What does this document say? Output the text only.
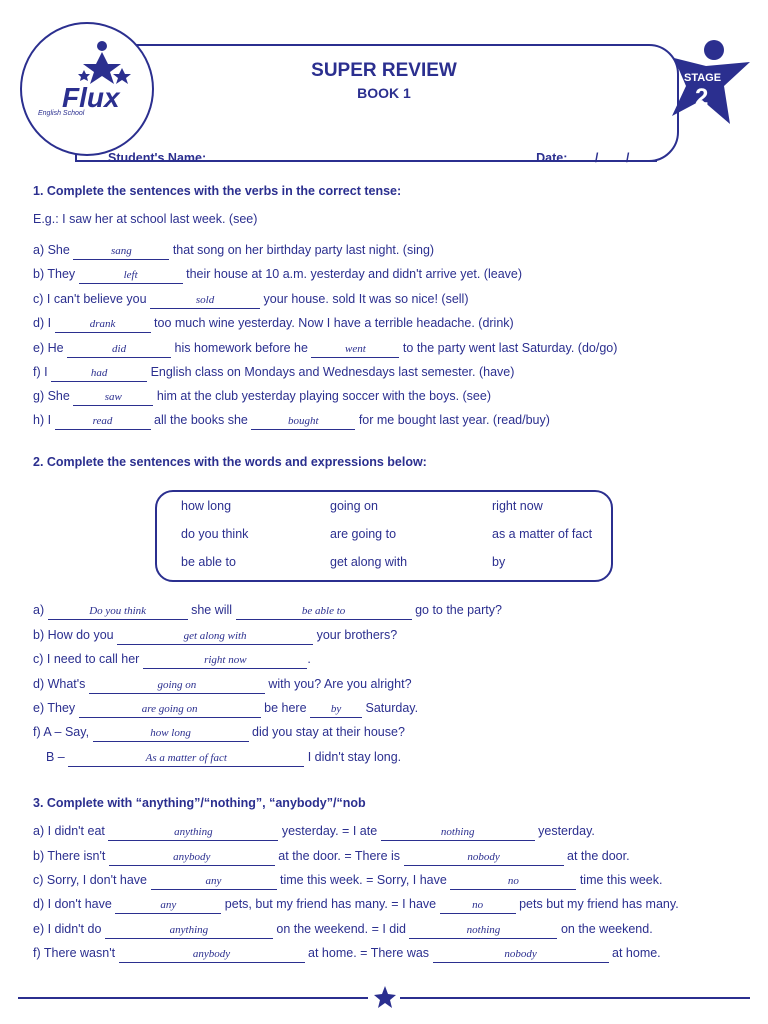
Flux
English School
SUPER REVIEW
BOOK 1
STAGE
2
Student's Name:	Date: / /
1. Complete the sentences with the verbs in the correct tense:
E.g.: I saw her at school last week. (see)
a) She	sang	that song on her birthday party last night. (sing)
b) They	left	their house at 10 a.m. yesterday and didn't arrive yet. (leave)
c) I can't believe you	sold	your house. sold It was so nice! (sell)
d) I	drank	too much wine yesterday. Now I have a terrible headache. (drink)
e) He	did	his homework before he	went	to the party went last Saturday. (do/go)
f) I	had	English class on Mondays and Wednesdays last semester. (have)
g) She	saw	him at the club yesterday playing soccer with the boys. (see)
h) I	read	all the books she	bought	for me bought last year. (read/buy)
2. Complete the sentences with the words and expressions below:
how long	going on	right now
do you think	are going to	as a matter of fact
be able to	get along with	by
a)	Do you think	she will	be able to	go to the party?
b) How do you	get along with	your brothers?
c) I need to call her	right now	.
d) What's	going on	with you? Are you alright?
e) They	are going on	be here by Saturday.
f) A – Say,	how long	did you stay at their house?
B –	As a matter of fact	I didn't stay long.
3. Complete with “anything”/“nothing”, “anybody”/“nob
a) I didn't eat	anything	yesterday. = I ate	nothing	yesterday.
b) There isn't	anybody	at the door. = There is	nobody	at the door.
c) Sorry, I don't have	any	time this week. = Sorry, I have	no	time this week.
d) I don't have	any	pets, but my friend has many. = I have	no	pets but my friend has many.
e) I didn't do	anything	on the weekend. = I did	nothing	on the weekend.
f) There wasn't	anybody	at home. = There was	nobody	at home.
